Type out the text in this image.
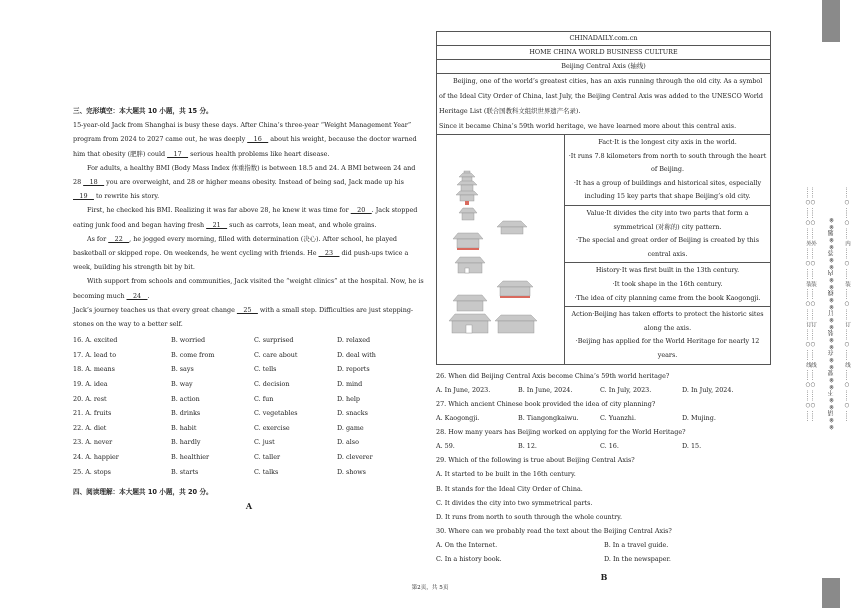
三、完形填空：本大题共 10 小题，共 15 分。

15-year-old Jack from Shanghai is busy these days. After China’s three-year “Weight Management Year” program from 2024 to 2027 came out, he was deeply __16__ about his weight, because the doctor warned him that obesity (肥胖) could __17__ serious health problems like heart disease.

For adults, a healthy BMI (Body Mass Index 体重指数) is between 18.5 and 24. A BMI between 24 and 28 __18__ you are overweight, and 28 or higher means obesity. Instead of being sad, Jack made up his __19__ to rewrite his story.

First, he checked his BMI. Realizing it was far above 28, he knew it was time for __20__. Jack stopped eating junk food and began having fresh __21__ such as carrots, lean meat, and whole grains.

As for __22__, he jogged every morning, filled with determination (决心). After school, he played basketball or skipped rope. On weekends, he went cycling with friends. He __23__ did push-ups twice a week, building his strength bit by bit.

With support from schools and communities, Jack visited the “weight clinics” at the hospital. Now, he is becoming much __24__.

Jack’s journey teaches us that every great change __25__ with a small step. Difficulties are just stepping-stones on the way to a better self.

16. A. excited	B. worried	C. surprised	D. relaxed
17. A. lead to	B. come from	C. care about	D. deal with
18. A. means	B. says	C. tells	D. reports
19. A. idea	B. way	C. decision	D. mind
20. A. rest	B. action	C. fun	D. help
21. A. fruits	B. drinks	C. vegetables	D. snacks
22. A. diet	B. habit	C. exercise	D. game
23. A. never	B. hardly	C. just	D. also
24. A. happier	B. healthier	C. taller	D. cleverer
25. A. stops	B. starts	C. talks	D. shows

四、阅读理解：本大题共 10 小题，共 20 分。

A

CHINADAILY.com.cn
HOME CHINA WORLD BUSINESS CULTURE
Beijing Central Axis (轴线)

Beijing, one of the world’s greatest cities, has an axis running through the old city. As a symbol of the Ideal City Order of China, last July, the Beijing Central Axis was added to the UNESCO World Heritage List (联合国教科文组织世界遗产名录).

Since it became China’s 59th world heritage, we have learned more about this central axis.

Fact·It is the longest city axis in the world.
·It runs 7.8 kilometers from north to south through the heart of Beijing.
·It has a group of buildings and historical sites, especially including 15 key parts that shape Beijing’s old city.
Value·It divides the city into two parts that form a symmetrical (对称的) city pattern.
·The special and great order of Beijing is created by this central axis.
History·It was first built in the 13th century.
·It took shape in the 16th century.
·The idea of city planning came from the book Kaogongji.
Action·Beijing has taken efforts to protect the historic sites along the axis.
·Beijing has applied for the World Heritage for nearly 12 years.

26. When did Beijing Central Axis become China’s 59th world heritage?

A. In June, 2023.	B. In June, 2024.	C. In July, 2023.	D. In July, 2024.

27. Which ancient Chinese book provided the idea of city planning?

A. Kaogongji.	B. Tiangongkaiwu.	C. Yuanzhi.	D. Mujing.

28. How many years has Beijing worked on applying for the World Heritage?

A. 59.	B. 12.	C. 16.	D. 15.

29. Which of the following is true about Beijing Central Axis?

A. It started to be built in the 16th century.

B. It stands for the Ideal City Order of China.

C. It divides the city into two symmetrical parts.

D. It runs from north to south through the whole country.

30. Where can we probably read the text about the Beijing Central Axis?

A. On the Internet.	B. In a travel guide.
C. In a history book.	D. In the newspaper.

B

第2页，共 5页
…… ○ …… ○ …… 外 …… ○ …… 装 …… ○ …… 订 …… ○ …… 线 …… ○ …… ○ ……	※※请※※不※※要※※在※※装※※订※※线※※内※※答※※题※※	…… ○ …… ○ …… 内 …… ○ …… 装 …… ○ …… 订 …… ○ …… 线 …… ○ …… ○ ……
…… ○ …… ○ …… 外 …… ○ …… 装 …… ○ …… 订 …… ○ …… 线 …… ○ …… ○ ……
